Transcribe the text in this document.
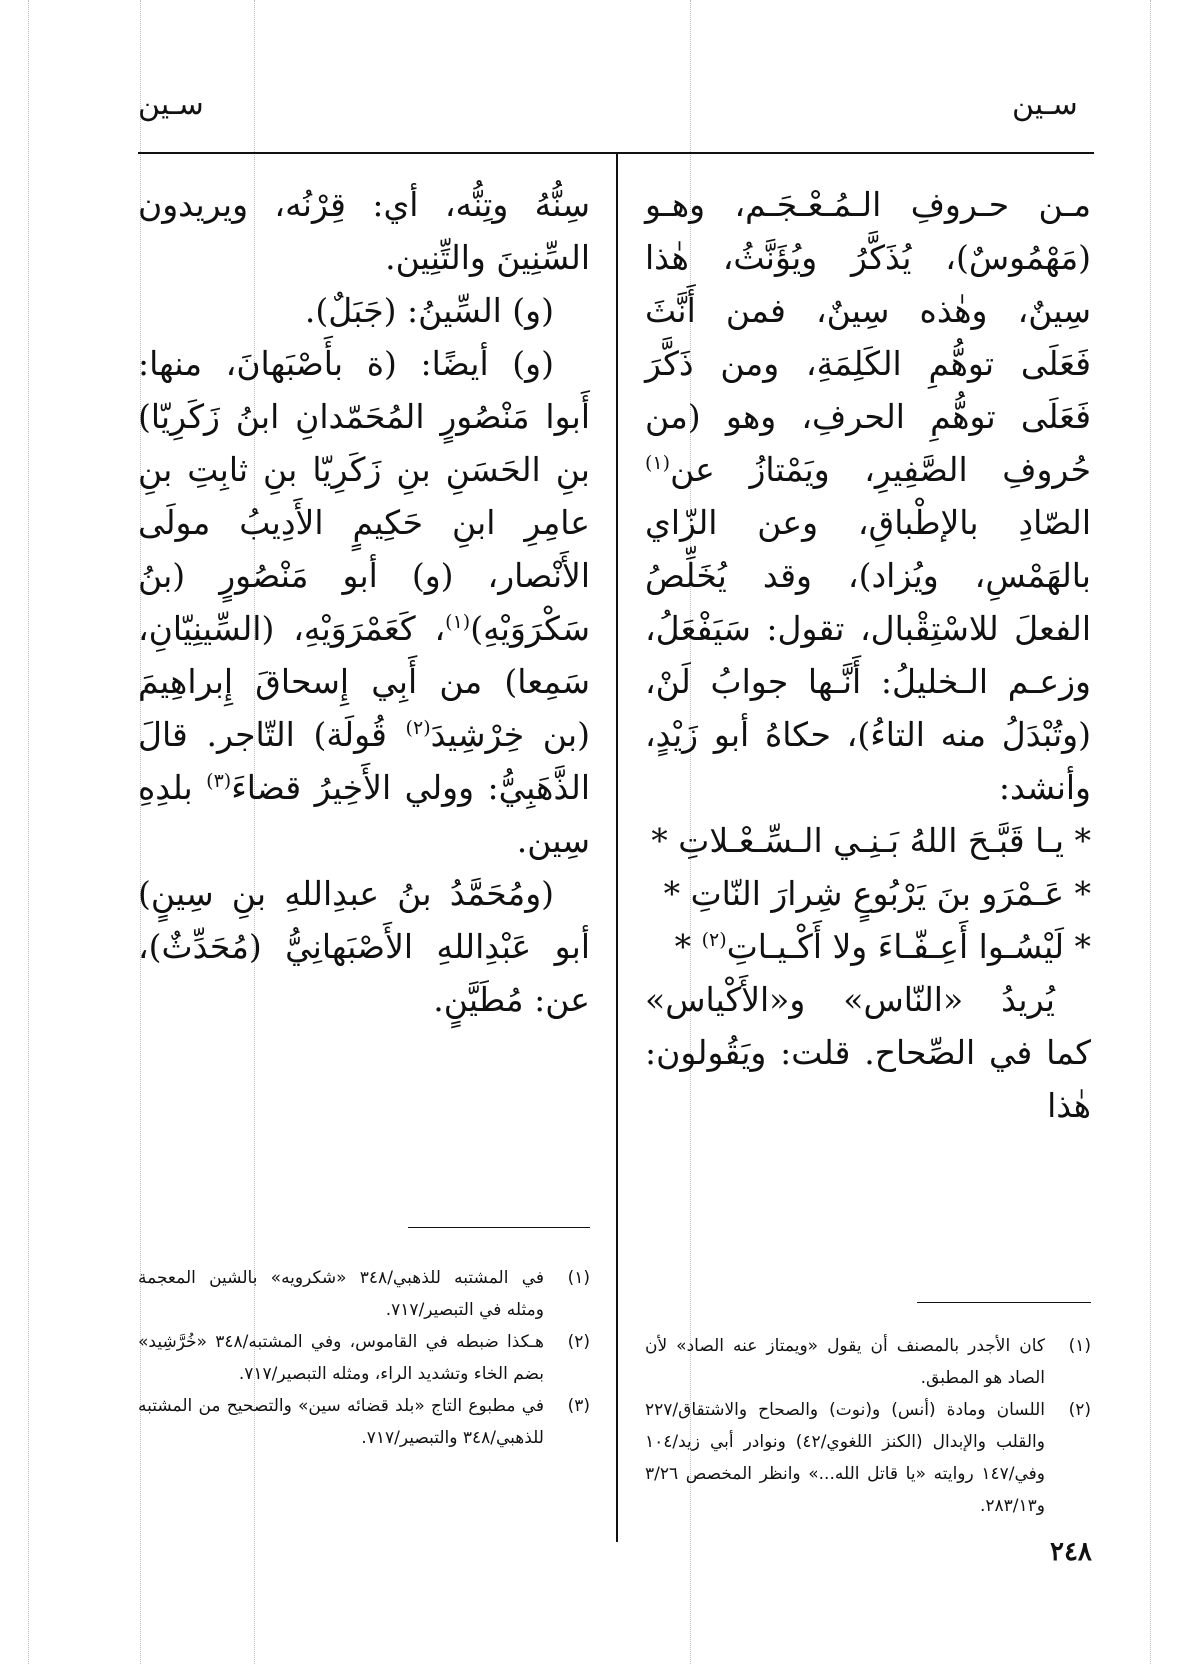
سـين
سـين

مـن حـروفِ الـمُـعْـجَـم، وهـو (مَهْمُوسٌ)، يُذَكَّرُ ويُؤَنَّثُ، هٰذا سِينٌ، وهٰذه سِينٌ، فمن أَنَّثَ فَعَلَى توهُّمِ الكَلِمَةِ، ومن ذَكَّرَ فَعَلَى توهُّمِ الحرفِ، وهو (من حُروفِ الصَّفِيرِ، ويَمْتازُ عن$^{(١)}$ الصّادِ بالإطْباقِ، وعن الزّاي بالهَمْسِ، ويُزاد)، وقد يُخَلِّصُ الفعلَ للاسْتِقْبال، تقول: سَيَفْعَلُ، وزعـم الـخليلُ: أَنَّـها جوابُ لَنْ، (وتُبْدَلُ منه التاءُ)، حكاهُ أبو زَيْدٍ، وأنشد:

* يـا قَبَّـحَ اللهُ بَـنِـي الـسِّـعْـلاتِ *

* عَـمْرَو بنَ يَرْبُوعٍ شِرارَ النّاتِ *

* لَيْسُـوا أَعِـفّـاءَ ولا أَكْـيـاتِ$^{(٢)}$ *

يُريدُ «النّاس» و«الأَكْياس» كما في الصِّحاح. قلت: ويَقُولون: هٰذا

سِنُّهُ وتِنُّه، أي: قِرْنُه، ويريدون السِّنِينَ والتِّنِين.

(و) السِّينُ: (جَبَلٌ).

(و) أيضًا: (ة بأَصْبَهانَ، منها: أَبوا مَنْصُورٍ المُحَمّدانِ ابنُ زَكَرِيّا) بنِ الحَسَنِ بنِ زَكَرِيّا بنِ ثابِتِ بنِ عامِرِ ابنِ حَكِيمٍ الأَدِيبُ مولَى الأَنْصار، (و) أبو مَنْصُورٍ (بنُ سَكْرَوَيْهِ)$^{(١)}$، كَعَمْرَوَيْهِ، (السِّينِيّانِ، سَمِعا) من أَبِي إِسحاقَ إِبراهِيمَ (بن خِرْشِيدَ$^{(٢)}$ قُولَة) التّاجر. قالَ الذَّهَبِيُّ: وولي الأَخِيرُ قضاءَ$^{(٣)}$ بلدِهِ سِين.

(ومُحَمَّدُ بنُ عبدِاللهِ بنِ سِينٍ) أبو عَبْدِاللهِ الأَصْبَهانِيُّ (مُحَدِّثٌ)، عن: مُطَيَّنٍ.

(١)
في المشتبه للذهبي/٣٤٨ «شكرويه» بالشين المعجمة ومثله في التبصير/٧١٧.

(٢)
هـكذا ضبطه في القاموس، وفي المشتبه/٣٤٨ «خُرَّشِيد» بضم الخاء وتشديد الراء، ومثله التبصير/٧١٧.

(٣)
في مطبوع التاج «بلد قضائه سين» والتصحيح من المشتبه للذهبي/٣٤٨ والتبصير/٧١٧.

(١)
كان الأجدر بالمصنف أن يقول «ويمتاز عنه الصاد» لأن الصاد هو المطبق.

(٢)
اللسان ومادة (أنس) و(نوت) والصحاح والاشتقاق/٢٢٧ والقلب والإبدال (الكنز اللغوي/٤٢) ونوادر أبي زيد/١٠٤ وفي/١٤٧ روايته «يا قاتل الله...» وانظر المخصص ٣/٢٦ و٢٨٣/١٣.

٢٤٨
